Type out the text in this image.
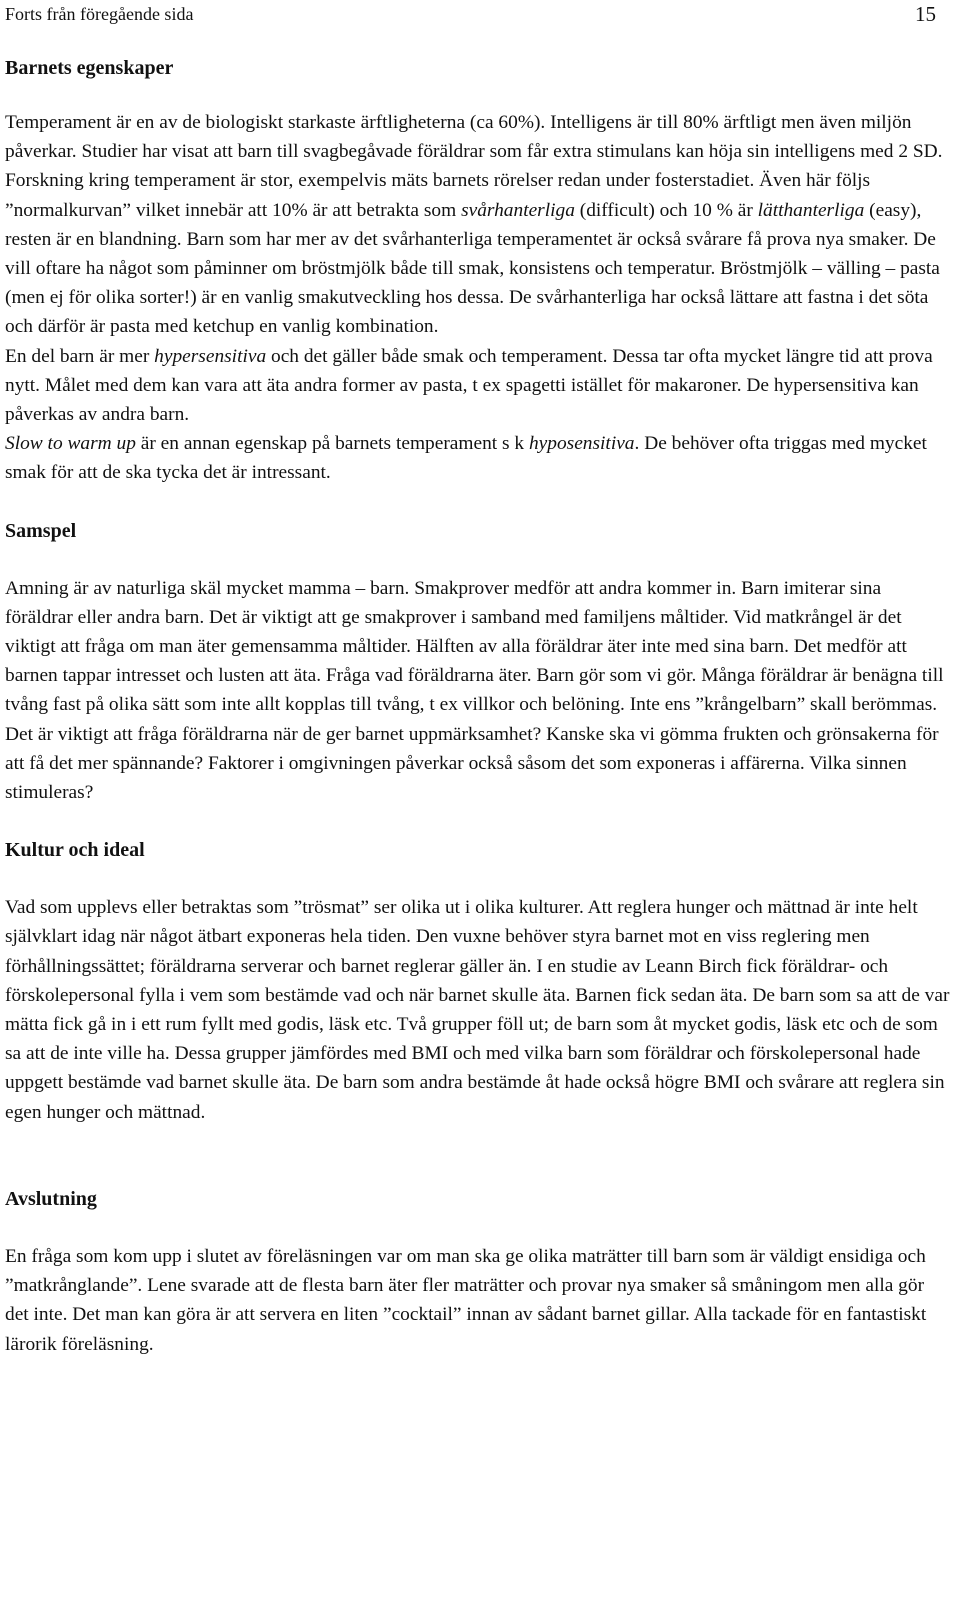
Forts från föregående sida	15
Barnets egenskaper

Temperament är en av de biologiskt starkaste ärftligheterna (ca 60%). Intelligens är till 80% ärftligt men även miljön påverkar. Studier har visat att barn till svagbegåvade föräldrar som får extra stimulans kan höja sin intelligens med 2 SD. Forskning kring temperament är stor, exempelvis mäts barnets rörelser redan under fosterstadiet. Även här följs ”normalkurvan” vilket innebär att 10% är att betrakta som svårhanterliga (difficult) och 10 % är lätthanterliga (easy), resten är en blandning. Barn som har mer av det svårhanterliga temperamentet är också svårare få prova nya smaker. De vill oftare ha något som påminner om bröstmjölk både till smak, konsistens och temperatur. Bröstmjölk – välling – pasta (men ej för olika sorter!) är en vanlig smakutveckling hos dessa. De svårhanterliga har också lättare att fastna i det söta och därför är pasta med ketchup en vanlig kombination.

En del barn är mer hypersensitiva och det gäller både smak och temperament. Dessa tar ofta mycket längre tid att prova nytt. Målet med dem kan vara att äta andra former av pasta, t ex spagetti istället för makaroner. De hypersensitiva kan påverkas av andra barn.

Slow to warm up är en annan egenskap på barnets temperament s k hyposensitiva. De behöver ofta triggas med mycket smak för att de ska tycka det är intressant.

Samspel

Amning är av naturliga skäl mycket mamma – barn. Smakprover medför att andra kommer in. Barn imiterar sina föräldrar eller andra barn. Det är viktigt att ge smakprover i samband med familjens måltider. Vid matkrångel är det viktigt att fråga om man äter gemensamma måltider. Hälften av alla föräldrar äter inte med sina barn. Det medför att barnen tappar intresset och lusten att äta. Fråga vad föräldrarna äter. Barn gör som vi gör. Många föräldrar är benägna till tvång fast på olika sätt som inte allt kopplas till tvång, t ex villkor och belöning. Inte ens ”krångelbarn” skall berömmas. Det är viktigt att fråga föräldrarna när de ger barnet uppmärksamhet? Kanske ska vi gömma frukten och grönsakerna för att få det mer spännande? Faktorer i omgivningen påverkar också såsom det som exponeras i affärerna. Vilka sinnen stimuleras?

Kultur och ideal

Vad som upplevs eller betraktas som ”trösmat” ser olika ut i olika kulturer. Att reglera hunger och mättnad är inte helt självklart idag när något ätbart exponeras hela tiden. Den vuxne behöver styra barnet mot en viss reglering men förhållningssättet; föräldrarna serverar och barnet reglerar gäller än. I en studie av Leann Birch fick föräldrar- och förskolepersonal fylla i vem som bestämde vad och när barnet skulle äta. Barnen fick sedan äta. De barn som sa att de var mätta fick gå in i ett rum fyllt med godis, läsk etc. Två grupper föll ut; de barn som åt mycket godis, läsk etc och de som sa att de inte ville ha. Dessa grupper jämfördes med BMI och med vilka barn som föräldrar och förskolepersonal hade uppgett bestämde vad barnet skulle äta. De barn som andra bestämde åt hade också högre BMI och svårare att reglera sin egen hunger och mättnad.

Avslutning

En fråga som kom upp i slutet av föreläsningen var om man ska ge olika maträtter till barn som är väldigt ensidiga och ”matkrånglande”. Lene svarade att de flesta barn äter fler maträtter och provar nya smaker så småningom men alla gör det inte. Det man kan göra är att servera en liten ”cocktail” innan av sådant barnet gillar. Alla tackade för en fantastiskt lärorik föreläsning.
